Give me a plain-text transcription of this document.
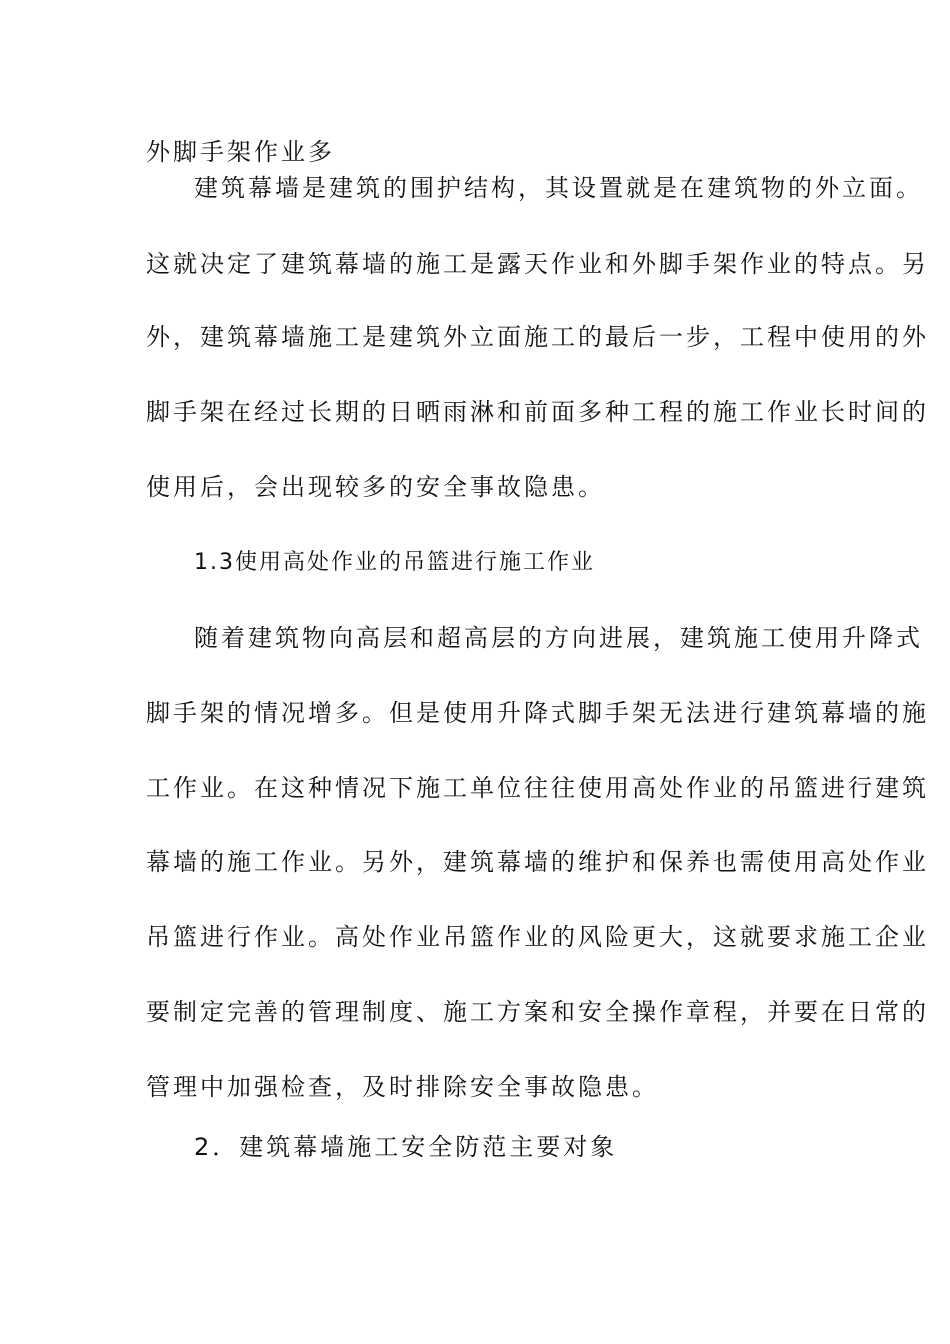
外脚手架作业多
建筑幕墙是建筑的围护结构，其设置就是在建筑物的外立面。
这就决定了建筑幕墙的施工是露天作业和外脚手架作业的特点。另
外，建筑幕墙施工是建筑外立面施工的最后一步，工程中使用的外
脚手架在经过长期的日晒雨淋和前面多种工程的施工作业长时间的
使用后，会出现较多的安全事故隐患。
1.3使用高处作业的吊篮进行施工作业
随着建筑物向高层和超高层的方向进展，建筑施工使用升降式
脚手架的情况增多。但是使用升降式脚手架无法进行建筑幕墙的施
工作业。在这种情况下施工单位往往使用高处作业的吊篮进行建筑
幕墙的施工作业。另外，建筑幕墙的维护和保养也需使用高处作业
吊篮进行作业。高处作业吊篮作业的风险更大，这就要求施工企业
要制定完善的管理制度、施工方案和安全操作章程，并要在日常的
管理中加强检查，及时排除安全事故隐患。
2．建筑幕墙施工安全防范主要对象
